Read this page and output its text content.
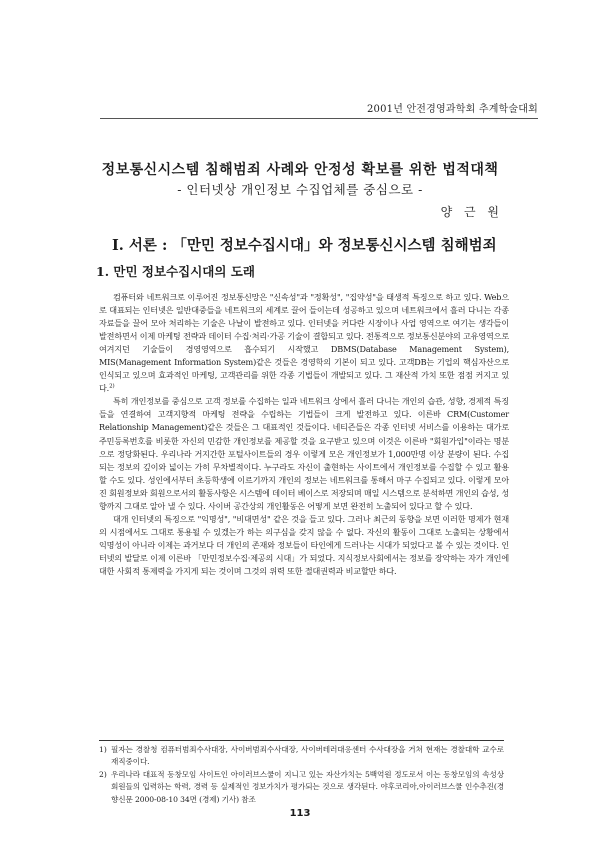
2001년 안전경영과학회 추계학술대회
정보통신시스템 침해범죄 사례와 안정성 확보를 위한 법적대책
- 인터넷상 개인정보 수집업체를 중심으로 -
양 근 원
I. 서론 : 「만민 정보수집시대」와 정보통신시스템 침해범죄
1. 만민 정보수집시대의 도래

컴퓨터와 네트워크로 이루어진 정보통신망은 "신속성"과 "정확성", "집약성"을 태생적 특징으로 하고 있다. Web으로 대표되는 인터넷은 일반대중들을 네트워크의 세계로 끌어 들이는데 성공하고 있으며 네트워크에서 흘러 다니는 각종 자료들을 끌어 모아 처리하는 기술은 나날이 발전하고 있다. 인터넷을 커다란 시장이나 사업 영역으로 여기는 생각들이 발전하면서 이제 마케팅 전략과 데이터 수집·처리·가공 기술이 결합되고 있다. 전통적으로 정보통신분야의 고유영역으로 여겨지던 기술들이 경영영역으로 흡수되기 시작했고 DBMS(Database Management System), MIS(Management Information System)같은 것들은 경영학의 기본이 되고 있다. 고객DB는 기업의 핵심자산으로 인식되고 있으며 효과적인 마케팅, 고객관리를 위한 각종 기법들이 개발되고 있다. 그 재산적 가치 또한 점점 커지고 있다.$^{2)}$

특히 개인정보를 중심으로 고객 정보를 수집하는 일과 네트워크 상에서 흘러 다니는 개인의 습관, 성향, 경제적 특징들을 연결하여 고객지향적 마케팅 전략을 수립하는 기법들이 크게 발전하고 있다. 이른바 CRM(Customer Relationship Management)같은 것들은 그 대표적인 것들이다. 네티즌들은 각종 인터넷 서비스를 이용하는 대가로 주민등록번호를 비롯한 자신의 민감한 개인정보를 제공할 것을 요구받고 있으며 이것은 이른바 "회원가입"이라는 명분으로 정당화된다. 우리나라 거지간한 포털사이트들의 경우 이렇게 모은 개인정보가 1,000만명 이상 분량이 된다. 수집되는 정보의 깊이와 넓이는 가히 무차별적이다. 누구라도 자신이 출현하는 사이트에서 개인정보를 수집할 수 있고 활용할 수도 있다. 성인에서부터 초등학생에 이르기까지 개인의 정보는 네트워크를 통해서 마구 수집되고 있다. 이렇게 모아진 회원정보와 회원으로서의 활동사항은 시스템에 데이터 베이스로 저장되며 매일 시스템으로 분석하면 개인의 습성, 성향까지 그대로 알아 낼 수 있다. 사이버 공간상의 개인활동은 어떻게 보면 완전히 노출되어 있다고 할 수 있다.

대개 인터넷의 특징으로 "익명성", "비대면성" 같은 것을 들고 있다. 그러나 최근의 동향을 보면 이러한 명제가 현재의 시점에서도 그대로 통용될 수 있겠는가 하는 의구심을 갖지 않을 수 없다. 자신의 활동이 그대로 노출되는 상황에서 익명성이 아니라 이제는 과거보다 더 개인의 존재와 정보들이 타인에게 드러나는 시대가 되었다고 볼 수 있는 것이다. 인터넷의 발달로 이제 이른바 「만민정보수집·제공의 시대」가 되었다. 지식정보사회에서는 정보를 장악하는 자가 개인에 대한 사회적 통제력을 가지게 되는 것이며 그것의 위력 또한 절대권력과 비교할만 하다.

1) 필자는 경찰청 컴퓨터범죄수사대장, 사이버범죄수사대장, 사이버테러대응센터 수사대장을 거쳐 현재는 경찰대학 교수로 재직중이다.
2) 우리나라 대표적 동창모임 사이트인 아이러브스쿨이 지니고 있는 자산가치는 5백억원 정도로서 이는 동창모임의 속성상 회원들의 입력하는 학력, 경력 등 실제적인 정보가치가 평가되는 것으로 생각된다. 야후코리아,아이러브스쿨 인수추진(경향신문 2000-08-10 34면 (경제) 기사) 참조
113
